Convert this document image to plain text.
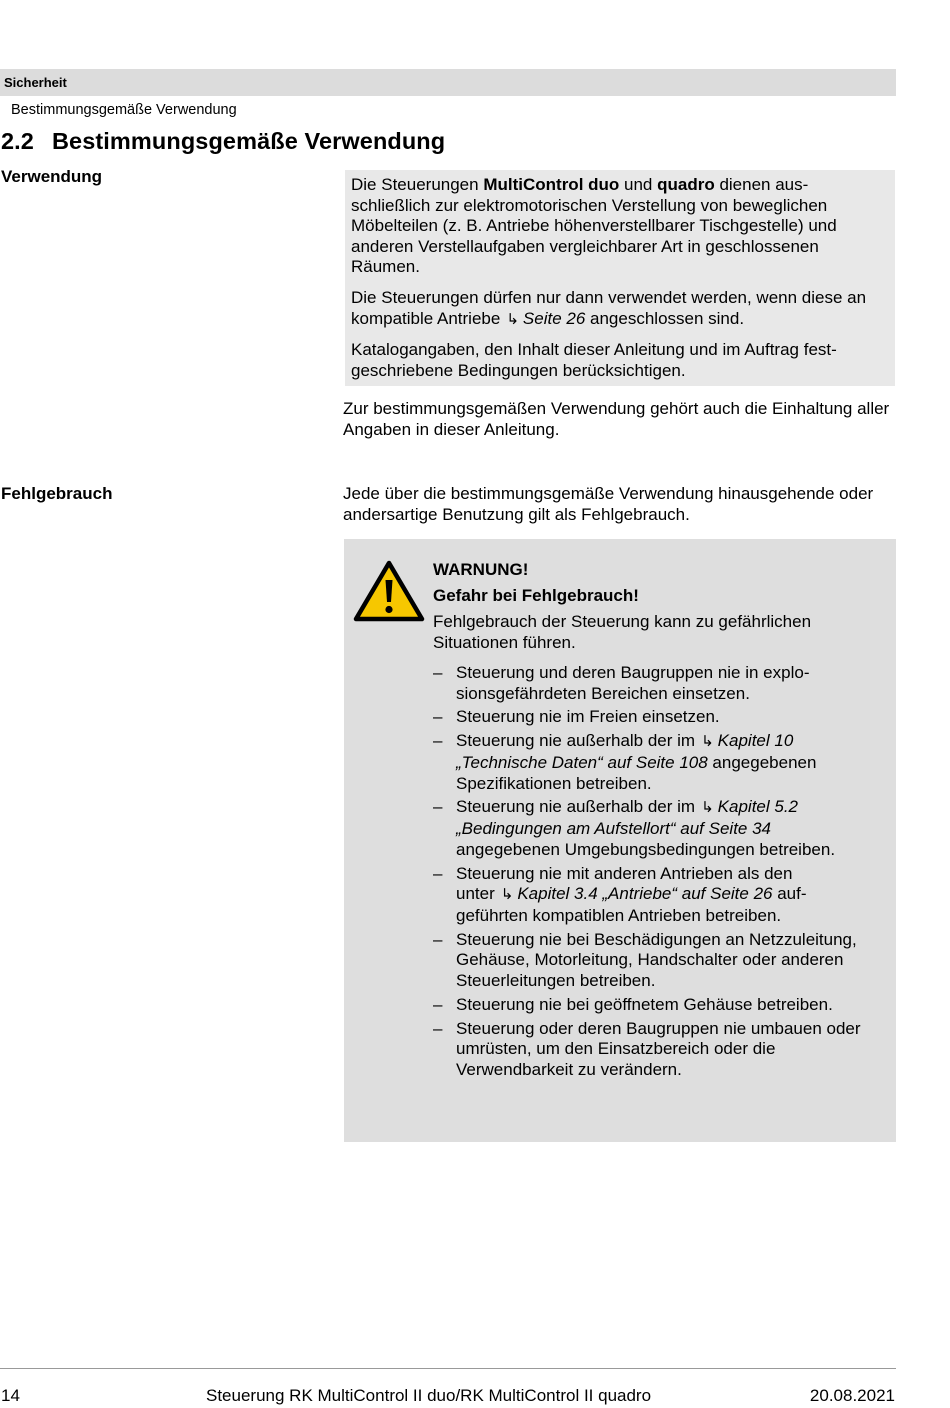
Sicherheit
Bestimmungsgemäße Verwendung
2.2 Bestimmungsgemäße Verwendung
Verwendung	Die Steuerungen MultiControl duo und quadro dienen aus-
schließlich zur elektromotorischen Verstellung von beweglichen Möbelteilen (z. B. Antriebe höhenverstellbarer Tischgestelle) und anderen Verstellaufgaben vergleichbarer Art in geschlossenen Räumen.

Die Steuerungen dürfen nur dann verwendet werden, wenn diese an kompatible Antriebe ↳ Seite 26 angeschlossen sind.

Katalogangaben, den Inhalt dieser Anleitung und im Auftrag festgeschriebene Bedingungen berücksichtigen.

Zur bestimmungsgemäßen Verwendung gehört auch die Einhaltung aller Angaben in dieser Anleitung.

Fehlgebrauch	Jede über die bestimmungsgemäße Verwendung hinausgehende oder andersartige Benutzung gilt als Fehlgebrauch.

WARNUNG!

Gefahr bei Fehlgebrauch!

Fehlgebrauch der Steuerung kann zu gefährlichen Situationen führen.

– Steuerung und deren Baugruppen nie in explosionsgefährdeten Bereichen einsetzen.
– Steuerung nie im Freien einsetzen.
– Steuerung nie außerhalb der im ↳ Kapitel 10 „Technische Daten“ auf Seite 108 angegebenen Spezifikationen betreiben.
– Steuerung nie außerhalb der im ↳ Kapitel 5.2 „Bedingungen am Aufstellort“ auf Seite 34 angegebenen Umgebungsbedingungen betreiben.
– Steuerung nie mit anderen Antrieben als den unter ↳ Kapitel 3.4 „Antriebe“ auf Seite 26 aufgeführten kompatiblen Antrieben betreiben.
– Steuerung nie bei Beschädigungen an Netzzuleitung, Gehäuse, Motorleitung, Handschalter oder anderen Steuerleitungen betreiben.
– Steuerung nie bei geöffnetem Gehäuse betreiben.
– Steuerung oder deren Baugruppen nie umbauen oder umrüsten, um den Einsatzbereich oder die Verwendbarkeit zu verändern.
14	Steuerung RK MultiControl II duo/RK MultiControl II quadro	20.08.2021
